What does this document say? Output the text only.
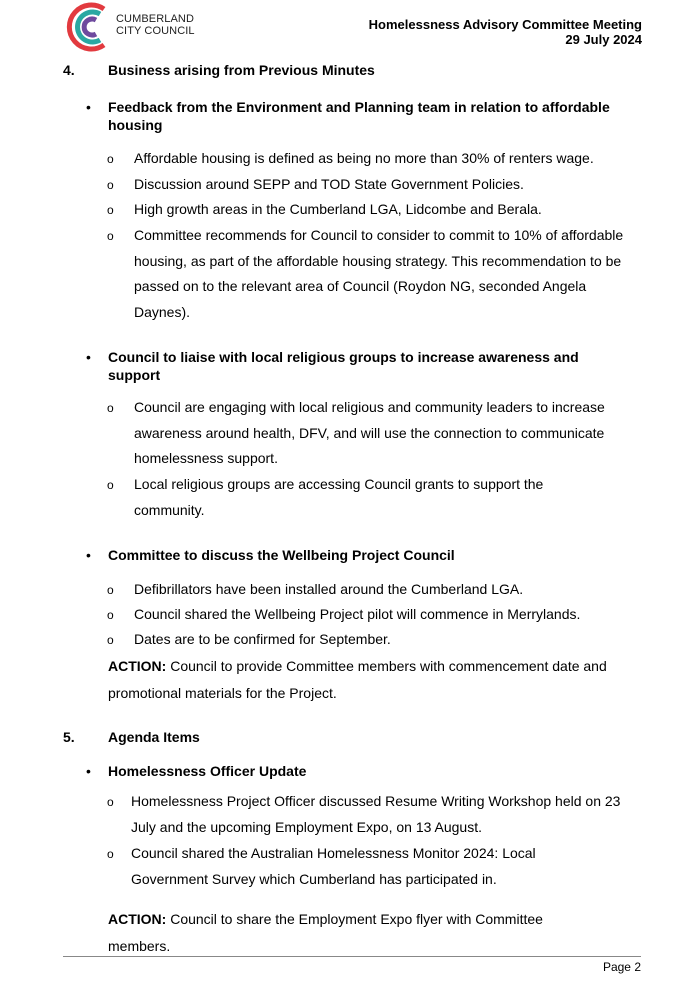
CUMBERLAND
CITY COUNCIL	Homelessness Advisory Committee Meeting
29 July 2024
4. Business arising from Previous Minutes
• Feedback from the Environment and Planning team in relation to affordable housing
o Affordable housing is defined as being no more than 30% of renters wage.
o Discussion around SEPP and TOD State Government Policies.
o High growth areas in the Cumberland LGA, Lidcombe and Berala.
o Committee recommends for Council to consider to commit to 10% of affordable housing, as part of the affordable housing strategy. This recommendation to be passed on to the relevant area of Council (Roydon NG, seconded Angela Daynes).
• Council to liaise with local religious groups to increase awareness and support
o Council are engaging with local religious and community leaders to increase awareness around health, DFV, and will use the connection to communicate homelessness support.
o Local religious groups are accessing Council grants to support the community.
• Committee to discuss the Wellbeing Project Council
o Defibrillators have been installed around the Cumberland LGA.
o Council shared the Wellbeing Project pilot will commence in Merrylands.
o Dates are to be confirmed for September.
ACTION: Council to provide Committee members with commencement date and promotional materials for the Project.
5. Agenda Items
• Homelessness Officer Update
o Homelessness Project Officer discussed Resume Writing Workshop held on 23 July and the upcoming Employment Expo, on 13 August.
o Council shared the Australian Homelessness Monitor 2024: Local Government Survey which Cumberland has participated in.
ACTION: Council to share the Employment Expo flyer with Committee members.
Page 2
